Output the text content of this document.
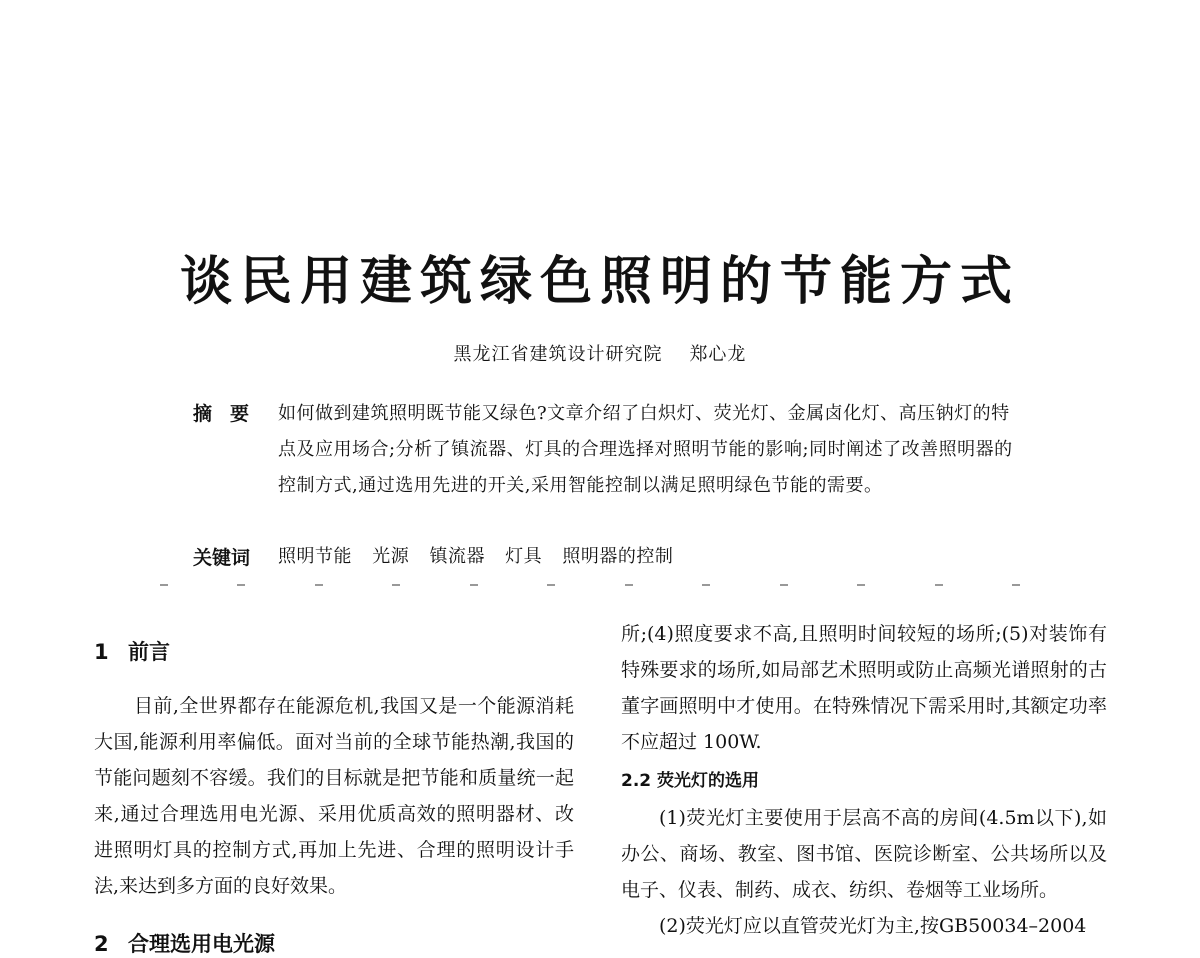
谈民用建筑绿色照明的节能方式
黑龙江省建筑设计研究院 郑心龙
摘要 如何做到建筑照明既节能又绿色?文章介绍了白炽灯、荧光灯、金属卤化灯、高压钠灯的特点及应用场合;分析了镇流器、灯具的合理选择对照明节能的影响;同时阐述了改善照明器的控制方式,通过选用先进的开关,采用智能控制以满足照明绿色节能的需要。
关键词 照明节能 光源 镇流器 灯具 照明器的控制
1 前言

目前,全世界都存在能源危机,我国又是一个能源消耗大国,能源利用率偏低。面对当前的全球节能热潮,我国的节能问题刻不容缓。我们的目标就是把节能和质量统一起来,通过合理选用电光源、采用优质高效的照明器材、改进照明灯具的控制方式,再加上先进、合理的照明设计手法,来达到多方面的良好效果。

2 合理选用电光源

所;(4)照度要求不高,且照明时间较短的场所;(5)对装饰有特殊要求的场所,如局部艺术照明或防止高频光谱照射的古董字画照明中才使用。在特殊情况下需采用时,其额定功率不应超过 100W.

2.2 荧光灯的选用

(1)荧光灯主要使用于层高不高的房间(4.5m以下),如办公、商场、教室、图书馆、医院诊断室、公共场所以及电子、仪表、制药、成衣、纺织、卷烟等工业场所。

(2)荧光灯应以直管荧光灯为主,按GB50034–2004
